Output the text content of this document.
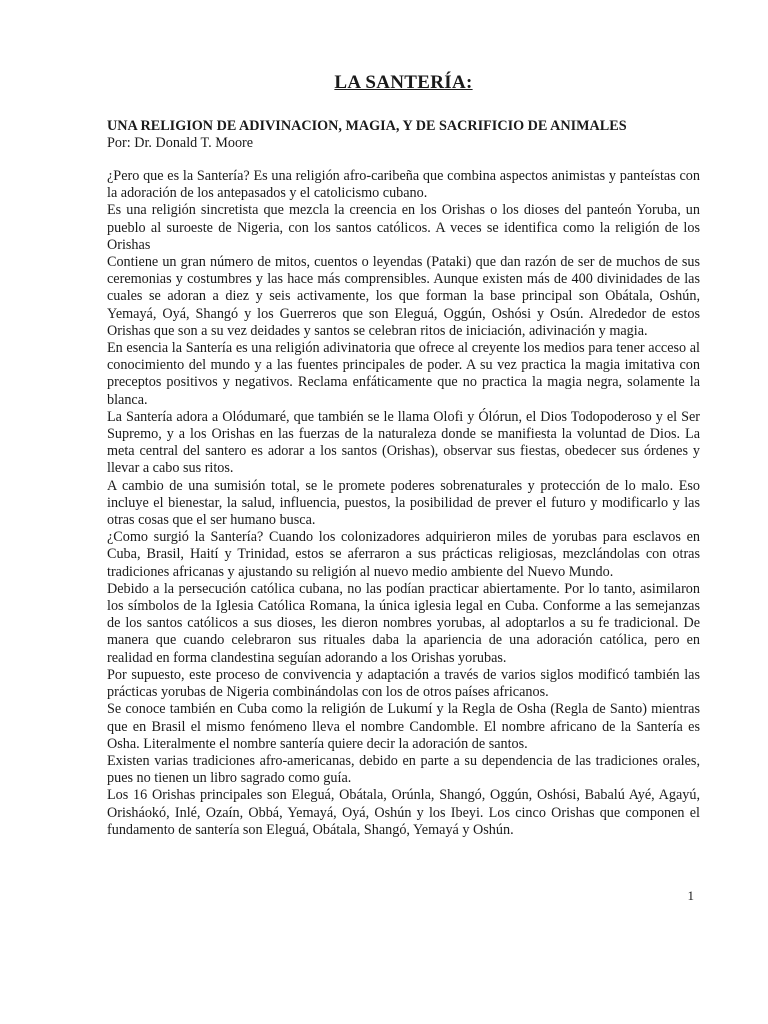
LA SANTERÍA:

UNA RELIGION DE ADIVINACION, MAGIA, Y DE SACRIFICIO DE ANIMALES

Por: Dr. Donald T. Moore

¿Pero que es la Santería? Es una religión afro-caribeña que combina aspectos animistas y panteístas con la adoración de los antepasados y el catolicismo cubano.

Es una religión sincretista que mezcla la creencia en los Orishas o los dioses del panteón Yoruba, un pueblo al suroeste de Nigeria, con los santos católicos. A veces se identifica como la religión de los Orishas

Contiene un gran número de mitos, cuentos o leyendas (Pataki) que dan razón de ser de muchos de sus ceremonias y costumbres y las hace más comprensibles. Aunque existen más de 400 divinidades de las cuales se adoran a diez y seis activamente, los que forman la base principal son Obátala, Oshún, Yemayá, Oyá, Shangó y los Guerreros que son Eleguá, Oggún, Oshósi y Osún. Alrededor de estos Orishas que son a su vez deidades y santos se celebran ritos de iniciación, adivinación y magia.

En esencia la Santería es una religión adivinatoria que ofrece al creyente los medios para tener acceso al conocimiento del mundo y a las fuentes principales de poder. A su vez practica la magia imitativa con preceptos positivos y negativos. Reclama enfáticamente que no practica la magia negra, solamente la blanca.

La Santería adora a Olódumaré, que también se le llama Olofi y Ólórun, el Dios Todopoderoso y el Ser Supremo, y a los Orishas en las fuerzas de la naturaleza donde se manifiesta la voluntad de Dios. La meta central del santero es adorar a los santos (Orishas), observar sus fiestas, obedecer sus órdenes y llevar a cabo sus ritos.

A cambio de una sumisión total, se le promete poderes sobrenaturales y protección de lo malo. Eso incluye el bienestar, la salud, influencia, puestos, la posibilidad de prever el futuro y modificarlo y las otras cosas que el ser humano busca.

¿Como surgió la Santería? Cuando los colonizadores adquirieron miles de yorubas para esclavos en Cuba, Brasil, Haití y Trinidad, estos se aferraron a sus prácticas religiosas, mezclándolas con otras tradiciones africanas y ajustando su religión al nuevo medio ambiente del Nuevo Mundo.

Debido a la persecución católica cubana, no las podían practicar abiertamente. Por lo tanto, asimilaron los símbolos de la Iglesia Católica Romana, la única iglesia legal en Cuba. Conforme a las semejanzas de los santos católicos a sus dioses, les dieron nombres yorubas, al adoptarlos a su fe tradicional. De manera que cuando celebraron sus rituales daba la apariencia de una adoración católica, pero en realidad en forma clandestina seguían adorando a los Orishas yorubas.

Por supuesto, este proceso de convivencia y adaptación a través de varios siglos modificó también las prácticas yorubas de Nigeria combinándolas con los de otros países africanos.

Se conoce también en Cuba como la religión de Lukumí y la Regla de Osha (Regla de Santo) mientras que en Brasil el mismo fenómeno lleva el nombre Candomble. El nombre africano de la Santería es Osha. Literalmente el nombre santería quiere decir la adoración de santos.

Existen varias tradiciones afro-americanas, debido en parte a su dependencia de las tradiciones orales, pues no tienen un libro sagrado como guía.

Los 16 Orishas principales son Eleguá, Obátala, Orúnla, Shangó, Oggún, Oshósi, Babalú Ayé, Agayú, Orisháokó, Inlé, Ozaín, Obbá, Yemayá, Oyá, Oshún y los Ibeyi. Los cinco Orishas que componen el fundamento de santería son Eleguá, Obátala, Shangó, Yemayá y Oshún.

1
